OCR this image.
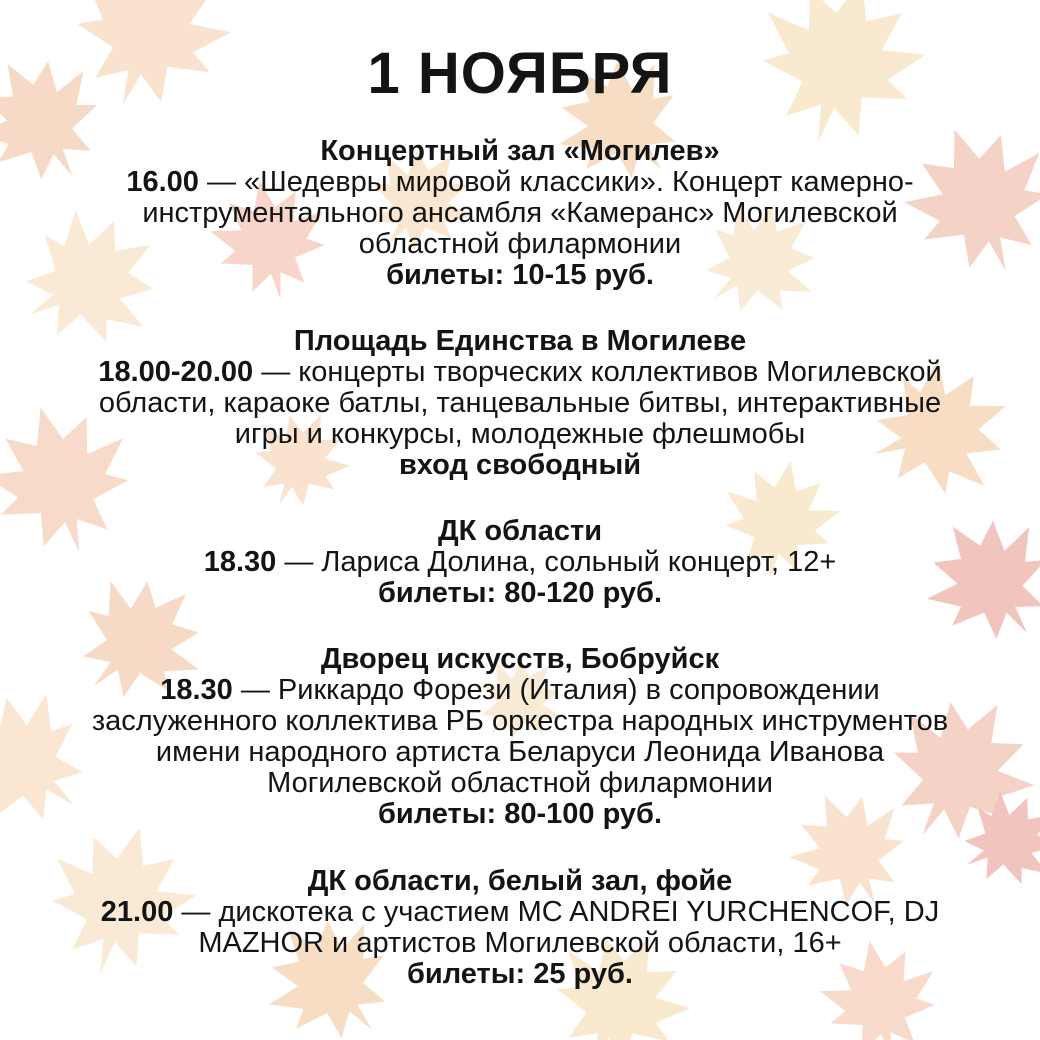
1 НОЯБРЯ
Концертный зал «Могилев»
16.00 — «Шедевры мировой классики». Концерт камерно-
инструментального ансамбля «Камеранс» Могилевской
областной филармонии
билеты: 10-15 руб.
Площадь Единства в Могилеве
18.00-20.00 — концерты творческих коллективов Могилевской
области, караоке батлы, танцевальные битвы, интерактивные
игры и конкурсы, молодежные флешмобы
вход свободный
ДК области
18.30 — Лариса Долина, сольный концерт, 12+
билеты: 80-120 руб.
Дворец искусств, Бобруйск
18.30 — Риккардо Форези (Италия) в сопровождении
заслуженного коллектива РБ оркестра народных инструментов
имени народного артиста Беларуси Леонида Иванова
Могилевской областной филармонии
билеты: 80-100 руб.
ДК области, белый зал, фойе
21.00 — дискотека с участием MC ANDREI YURCHENCOF, DJ
MAZHOR и артистов Могилевской области, 16+
билеты: 25 руб.
